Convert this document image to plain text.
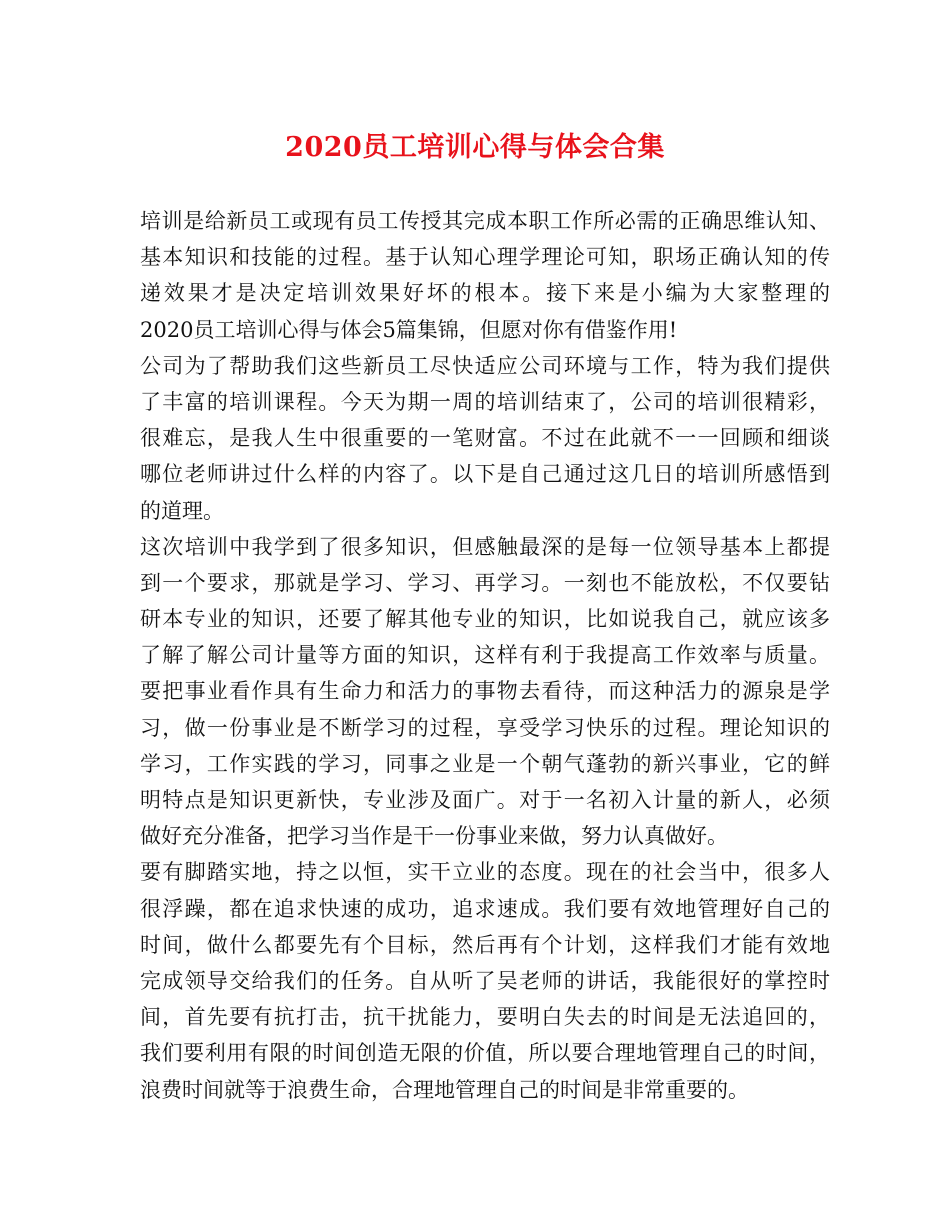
2020员工培训心得与体会合集
培训是给新员工或现有员工传授其完成本职工作所必需的正确思维认知、
基本知识和技能的过程。基于认知心理学理论可知，职场正确认知的传
递效果才是决定培训效果好坏的根本。接下来是小编为大家整理的
2020员工培训心得与体会5篇集锦，但愿对你有借鉴作用!
公司为了帮助我们这些新员工尽快适应公司环境与工作，特为我们提供
了丰富的培训课程。今天为期一周的培训结束了，公司的培训很精彩，
很难忘，是我人生中很重要的一笔财富。不过在此就不一一回顾和细谈
哪位老师讲过什么样的内容了。以下是自己通过这几日的培训所感悟到
的道理。
这次培训中我学到了很多知识，但感触最深的是每一位领导基本上都提
到一个要求，那就是学习、学习、再学习。一刻也不能放松，不仅要钻
研本专业的知识，还要了解其他专业的知识，比如说我自己，就应该多
了解了解公司计量等方面的知识，这样有利于我提高工作效率与质量。
要把事业看作具有生命力和活力的事物去看待，而这种活力的源泉是学
习，做一份事业是不断学习的过程，享受学习快乐的过程。理论知识的
学习，工作实践的学习，同事之业是一个朝气蓬勃的新兴事业，它的鲜
明特点是知识更新快，专业涉及面广。对于一名初入计量的新人，必须
做好充分准备，把学习当作是干一份事业来做，努力认真做好。
要有脚踏实地，持之以恒，实干立业的态度。现在的社会当中，很多人
很浮躁，都在追求快速的成功，追求速成。我们要有效地管理好自己的
时间，做什么都要先有个目标，然后再有个计划，这样我们才能有效地
完成领导交给我们的任务。自从听了吴老师的讲话，我能很好的掌控时
间，首先要有抗打击，抗干扰能力，要明白失去的时间是无法追回的，
我们要利用有限的时间创造无限的价值，所以要合理地管理自己的时间，
浪费时间就等于浪费生命，合理地管理自己的时间是非常重要的。
